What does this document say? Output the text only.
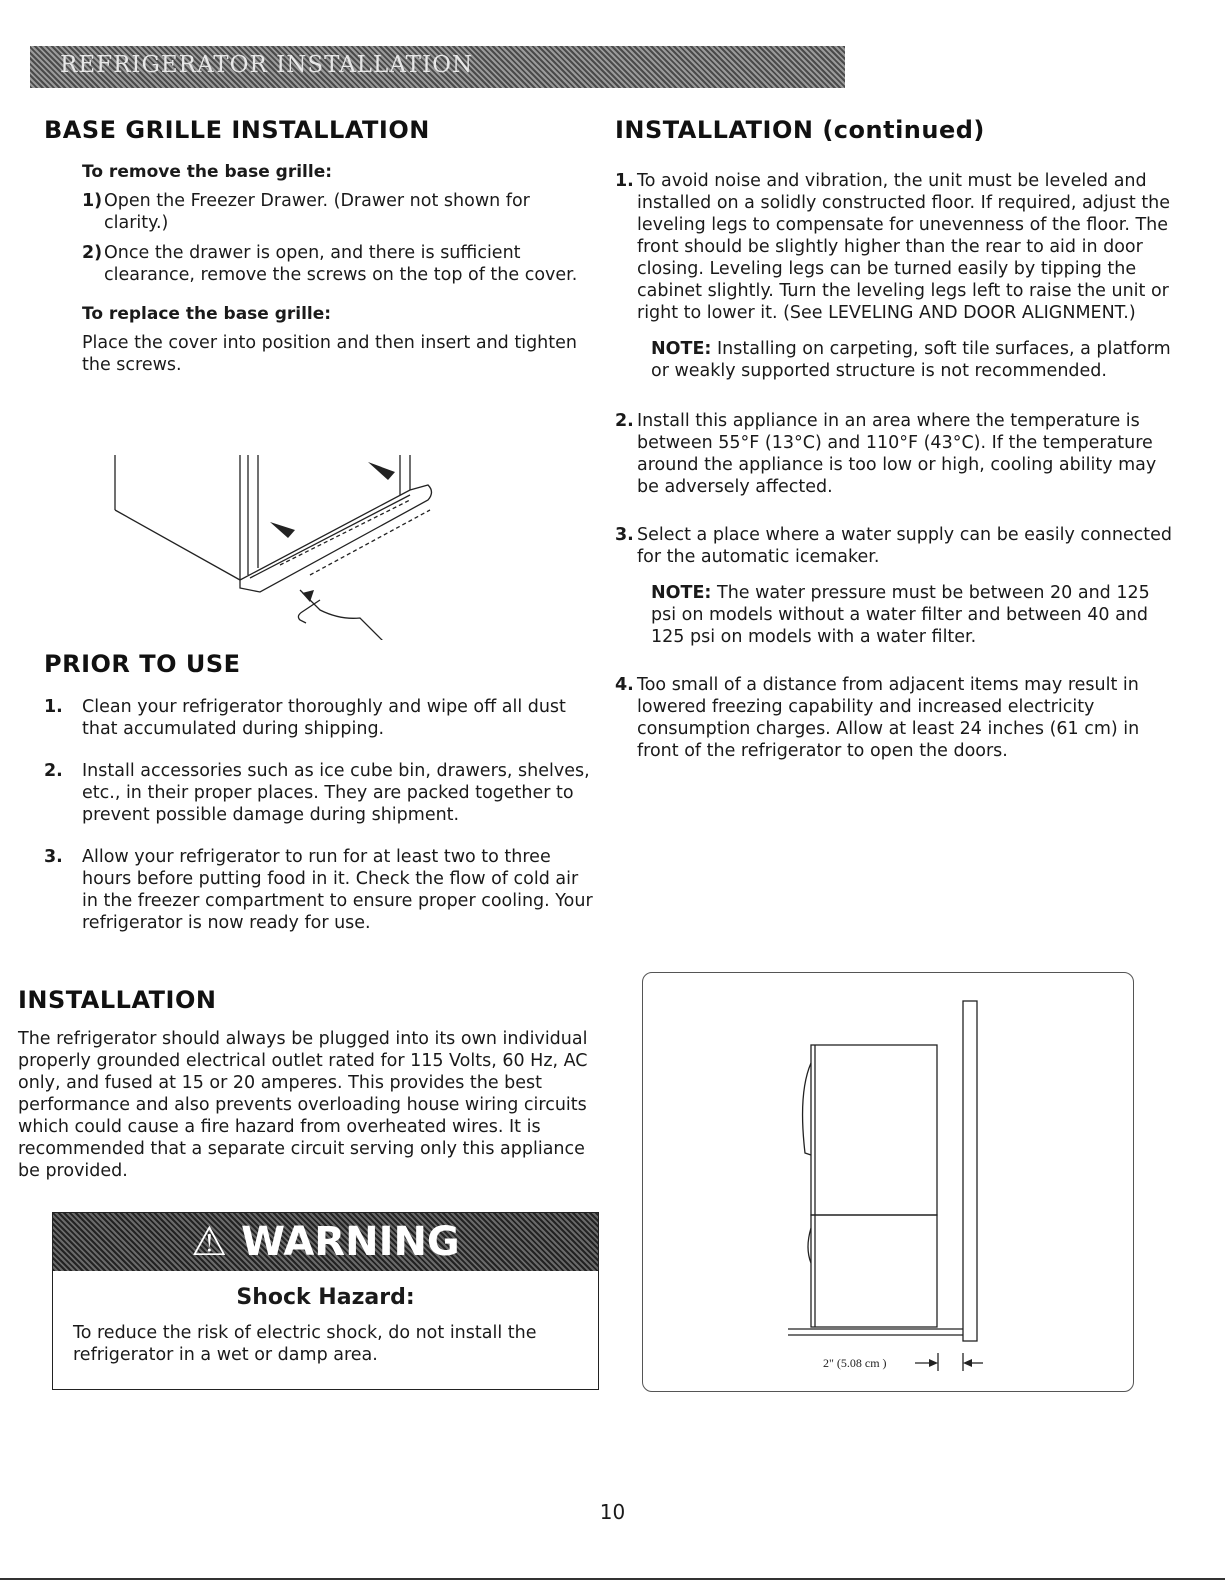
REFRIGERATOR INSTALLATION
BASE GRILLE INSTALLATION
To remove the base grille:
1) Open the Freezer Drawer. (Drawer not shown for clarity.)
2) Once the drawer is open, and there is sufficient clearance, remove the screws on the top of the cover.
To replace the base grille:
Place the cover into position and then insert and tighten the screws.
PRIOR TO USE
1.	Clean your refrigerator thoroughly and wipe off all dust that accumulated during shipping.
2.	Install accessories such as ice cube bin, drawers, shelves, etc., in their proper places. They are packed together to prevent possible damage during shipment.
3.	Allow your refrigerator to run for at least two to three hours before putting food in it. Check the flow of cold air in the freezer compartment to ensure proper cooling. Your refrigerator is now ready for use.
INSTALLATION
The refrigerator should always be plugged into its own individual properly grounded electrical outlet rated for 115 Volts, 60 Hz, AC only, and fused at 15 or 20 amperes. This provides the best performance and also prevents overloading house wiring circuits which could cause a fire hazard from overheated wires. It is recommended that a separate circuit serving only this appliance be provided.
⚠ WARNING
Shock Hazard:
To reduce the risk of electric shock, do not install the refrigerator in a wet or damp area.
INSTALLATION (continued)
1. To avoid noise and vibration, the unit must be leveled and installed on a solidly constructed floor. If required, adjust the leveling legs to compensate for unevenness of the floor. The front should be slightly higher than the rear to aid in door closing. Leveling legs can be turned easily by tipping the cabinet slightly. Turn the leveling legs left to raise the unit or right to lower it. (See LEVELING AND DOOR ALIGNMENT.)
NOTE: Installing on carpeting, soft tile surfaces, a platform or weakly supported structure is not recommended.
2. Install this appliance in an area where the temperature is between 55°F (13°C) and 110°F (43°C). If the temperature around the appliance is too low or high, cooling ability may be adversely affected.
3. Select a place where a water supply can be easily connected for the automatic icemaker.
NOTE: The water pressure must be between 20 and 125 psi on models without a water filter and between 40 and 125 psi on models with a water filter.
4. Too small of a distance from adjacent items may result in lowered freezing capability and increased electricity consumption charges. Allow at least 24 inches (61 cm) in front of the refrigerator to open the doors.
2" (5.08 cm )
10
